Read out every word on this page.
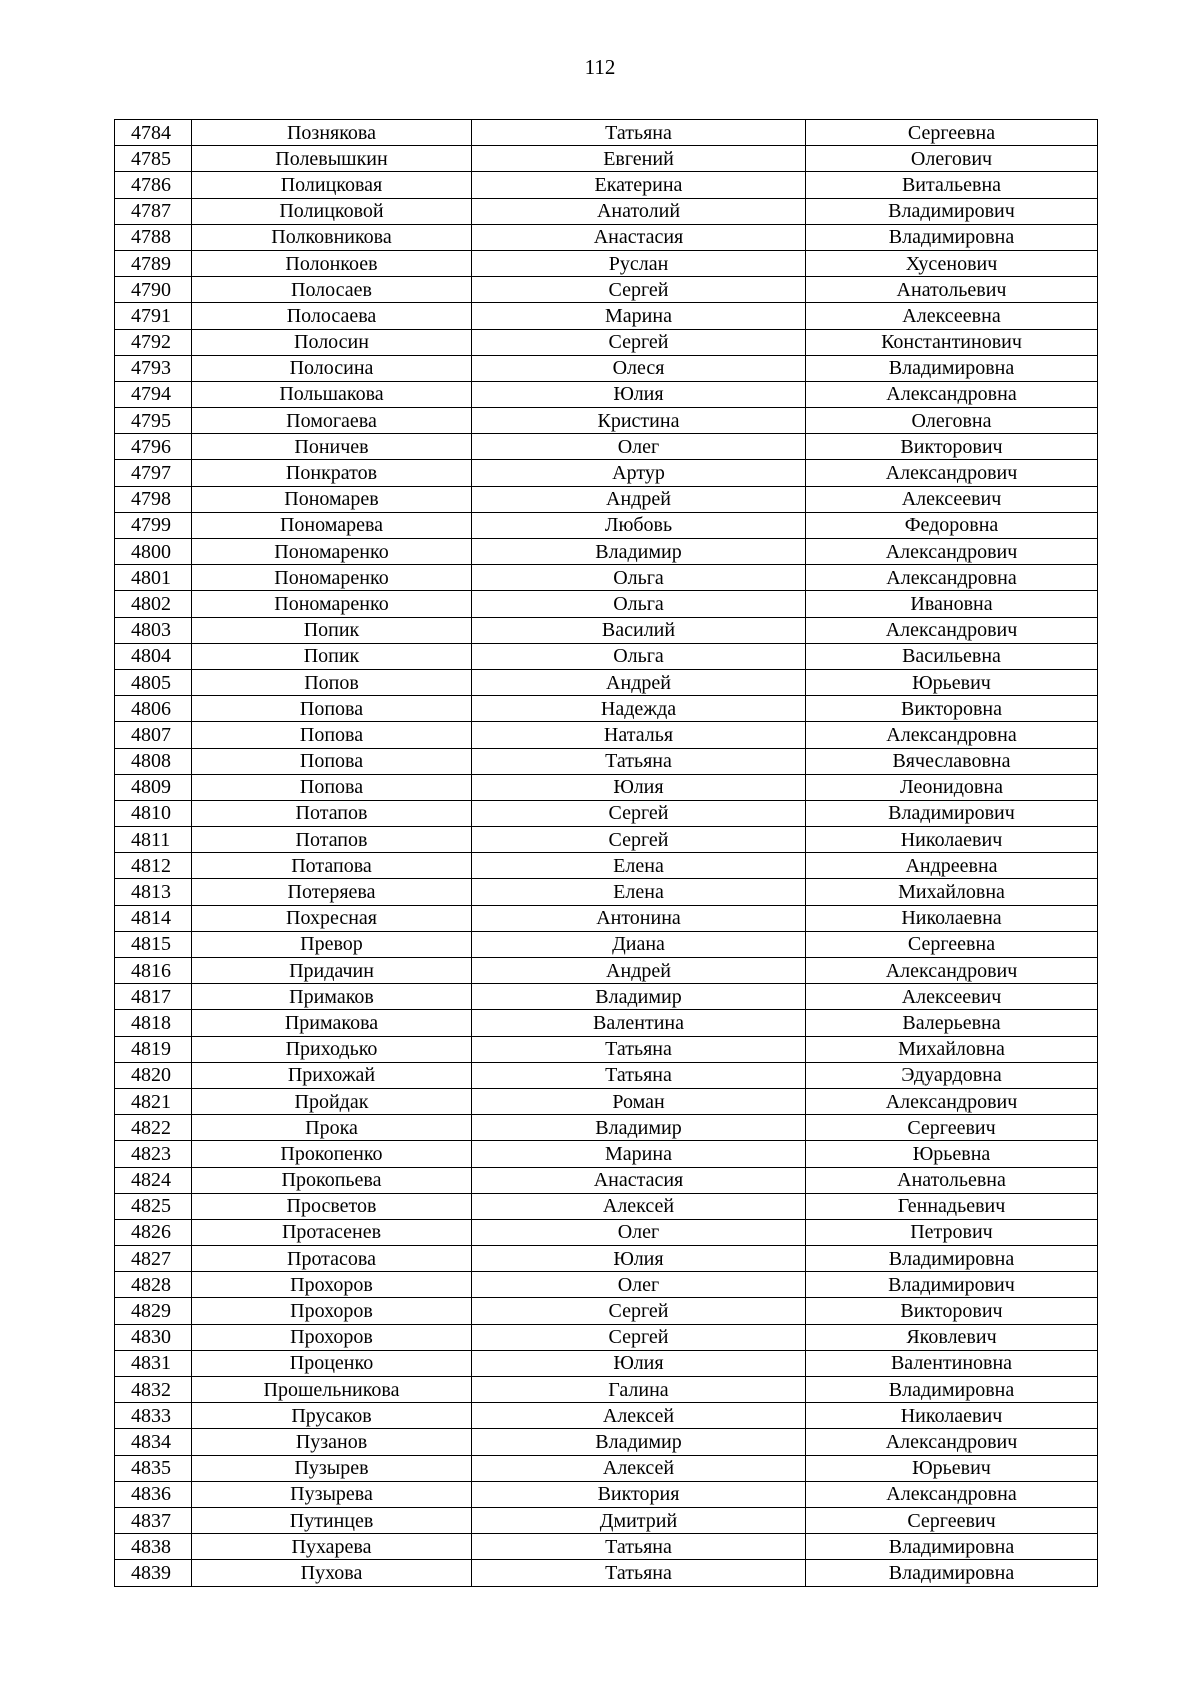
112
4784	Познякова	Татьяна	Сергеевна
4785	Полевышкин	Евгений	Олегович
4786	Полицковая	Екатерина	Витальевна
4787	Полицковой	Анатолий	Владимирович
4788	Полковникова	Анастасия	Владимировна
4789	Полонкоев	Руслан	Хусенович
4790	Полосаев	Сергей	Анатольевич
4791	Полосаева	Марина	Алексеевна
4792	Полосин	Сергей	Константинович
4793	Полосина	Олеся	Владимировна
4794	Польшакова	Юлия	Александровна
4795	Помогаева	Кристина	Олеговна
4796	Поничев	Олег	Викторович
4797	Понкратов	Артур	Александрович
4798	Пономарев	Андрей	Алексеевич
4799	Пономарева	Любовь	Федоровна
4800	Пономаренко	Владимир	Александрович
4801	Пономаренко	Ольга	Александровна
4802	Пономаренко	Ольга	Ивановна
4803	Попик	Василий	Александрович
4804	Попик	Ольга	Васильевна
4805	Попов	Андрей	Юрьевич
4806	Попова	Надежда	Викторовна
4807	Попова	Наталья	Александровна
4808	Попова	Татьяна	Вячеславовна
4809	Попова	Юлия	Леонидовна
4810	Потапов	Сергей	Владимирович
4811	Потапов	Сергей	Николаевич
4812	Потапова	Елена	Андреевна
4813	Потеряева	Елена	Михайловна
4814	Похресная	Антонина	Николаевна
4815	Превор	Диана	Сергеевна
4816	Придачин	Андрей	Александрович
4817	Примаков	Владимир	Алексеевич
4818	Примакова	Валентина	Валерьевна
4819	Приходько	Татьяна	Михайловна
4820	Прихожай	Татьяна	Эдуардовна
4821	Пройдак	Роман	Александрович
4822	Прока	Владимир	Сергеевич
4823	Прокопенко	Марина	Юрьевна
4824	Прокопьева	Анастасия	Анатольевна
4825	Просветов	Алексей	Геннадьевич
4826	Протасенев	Олег	Петрович
4827	Протасова	Юлия	Владимировна
4828	Прохоров	Олег	Владимирович
4829	Прохоров	Сергей	Викторович
4830	Прохоров	Сергей	Яковлевич
4831	Проценко	Юлия	Валентиновна
4832	Прошельникова	Галина	Владимировна
4833	Прусаков	Алексей	Николаевич
4834	Пузанов	Владимир	Александрович
4835	Пузырев	Алексей	Юрьевич
4836	Пузырева	Виктория	Александровна
4837	Путинцев	Дмитрий	Сергеевич
4838	Пухарева	Татьяна	Владимировна
4839	Пухова	Татьяна	Владимировна
